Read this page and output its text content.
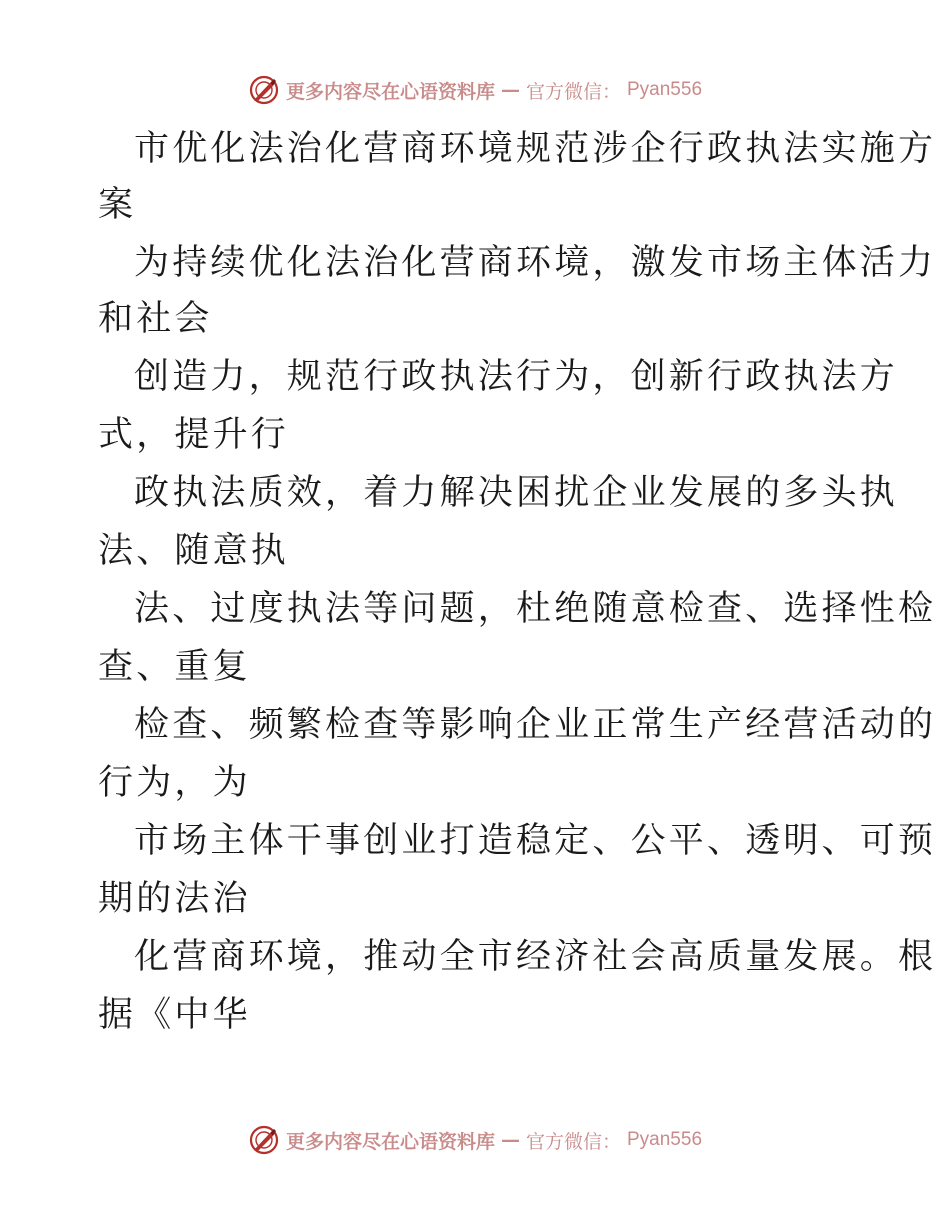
更多内容尽在心语资料库 — 官方微信： Pyan556
市优化法治化营商环境规范涉企行政执法实施方
案
为持续优化法治化营商环境，激发市场主体活力
和社会
创造力，规范行政执法行为，创新行政执法方
式，提升行
政执法质效，着力解决困扰企业发展的多头执
法、随意执
法、过度执法等问题，杜绝随意检查、选择性检
查、重复
检查、频繁检查等影响企业正常生产经营活动的
行为，为
市场主体干事创业打造稳定、公平、透明、可预
期的法治
化营商环境，推动全市经济社会高质量发展。根
据《中华
更多内容尽在心语资料库 — 官方微信： Pyan556
